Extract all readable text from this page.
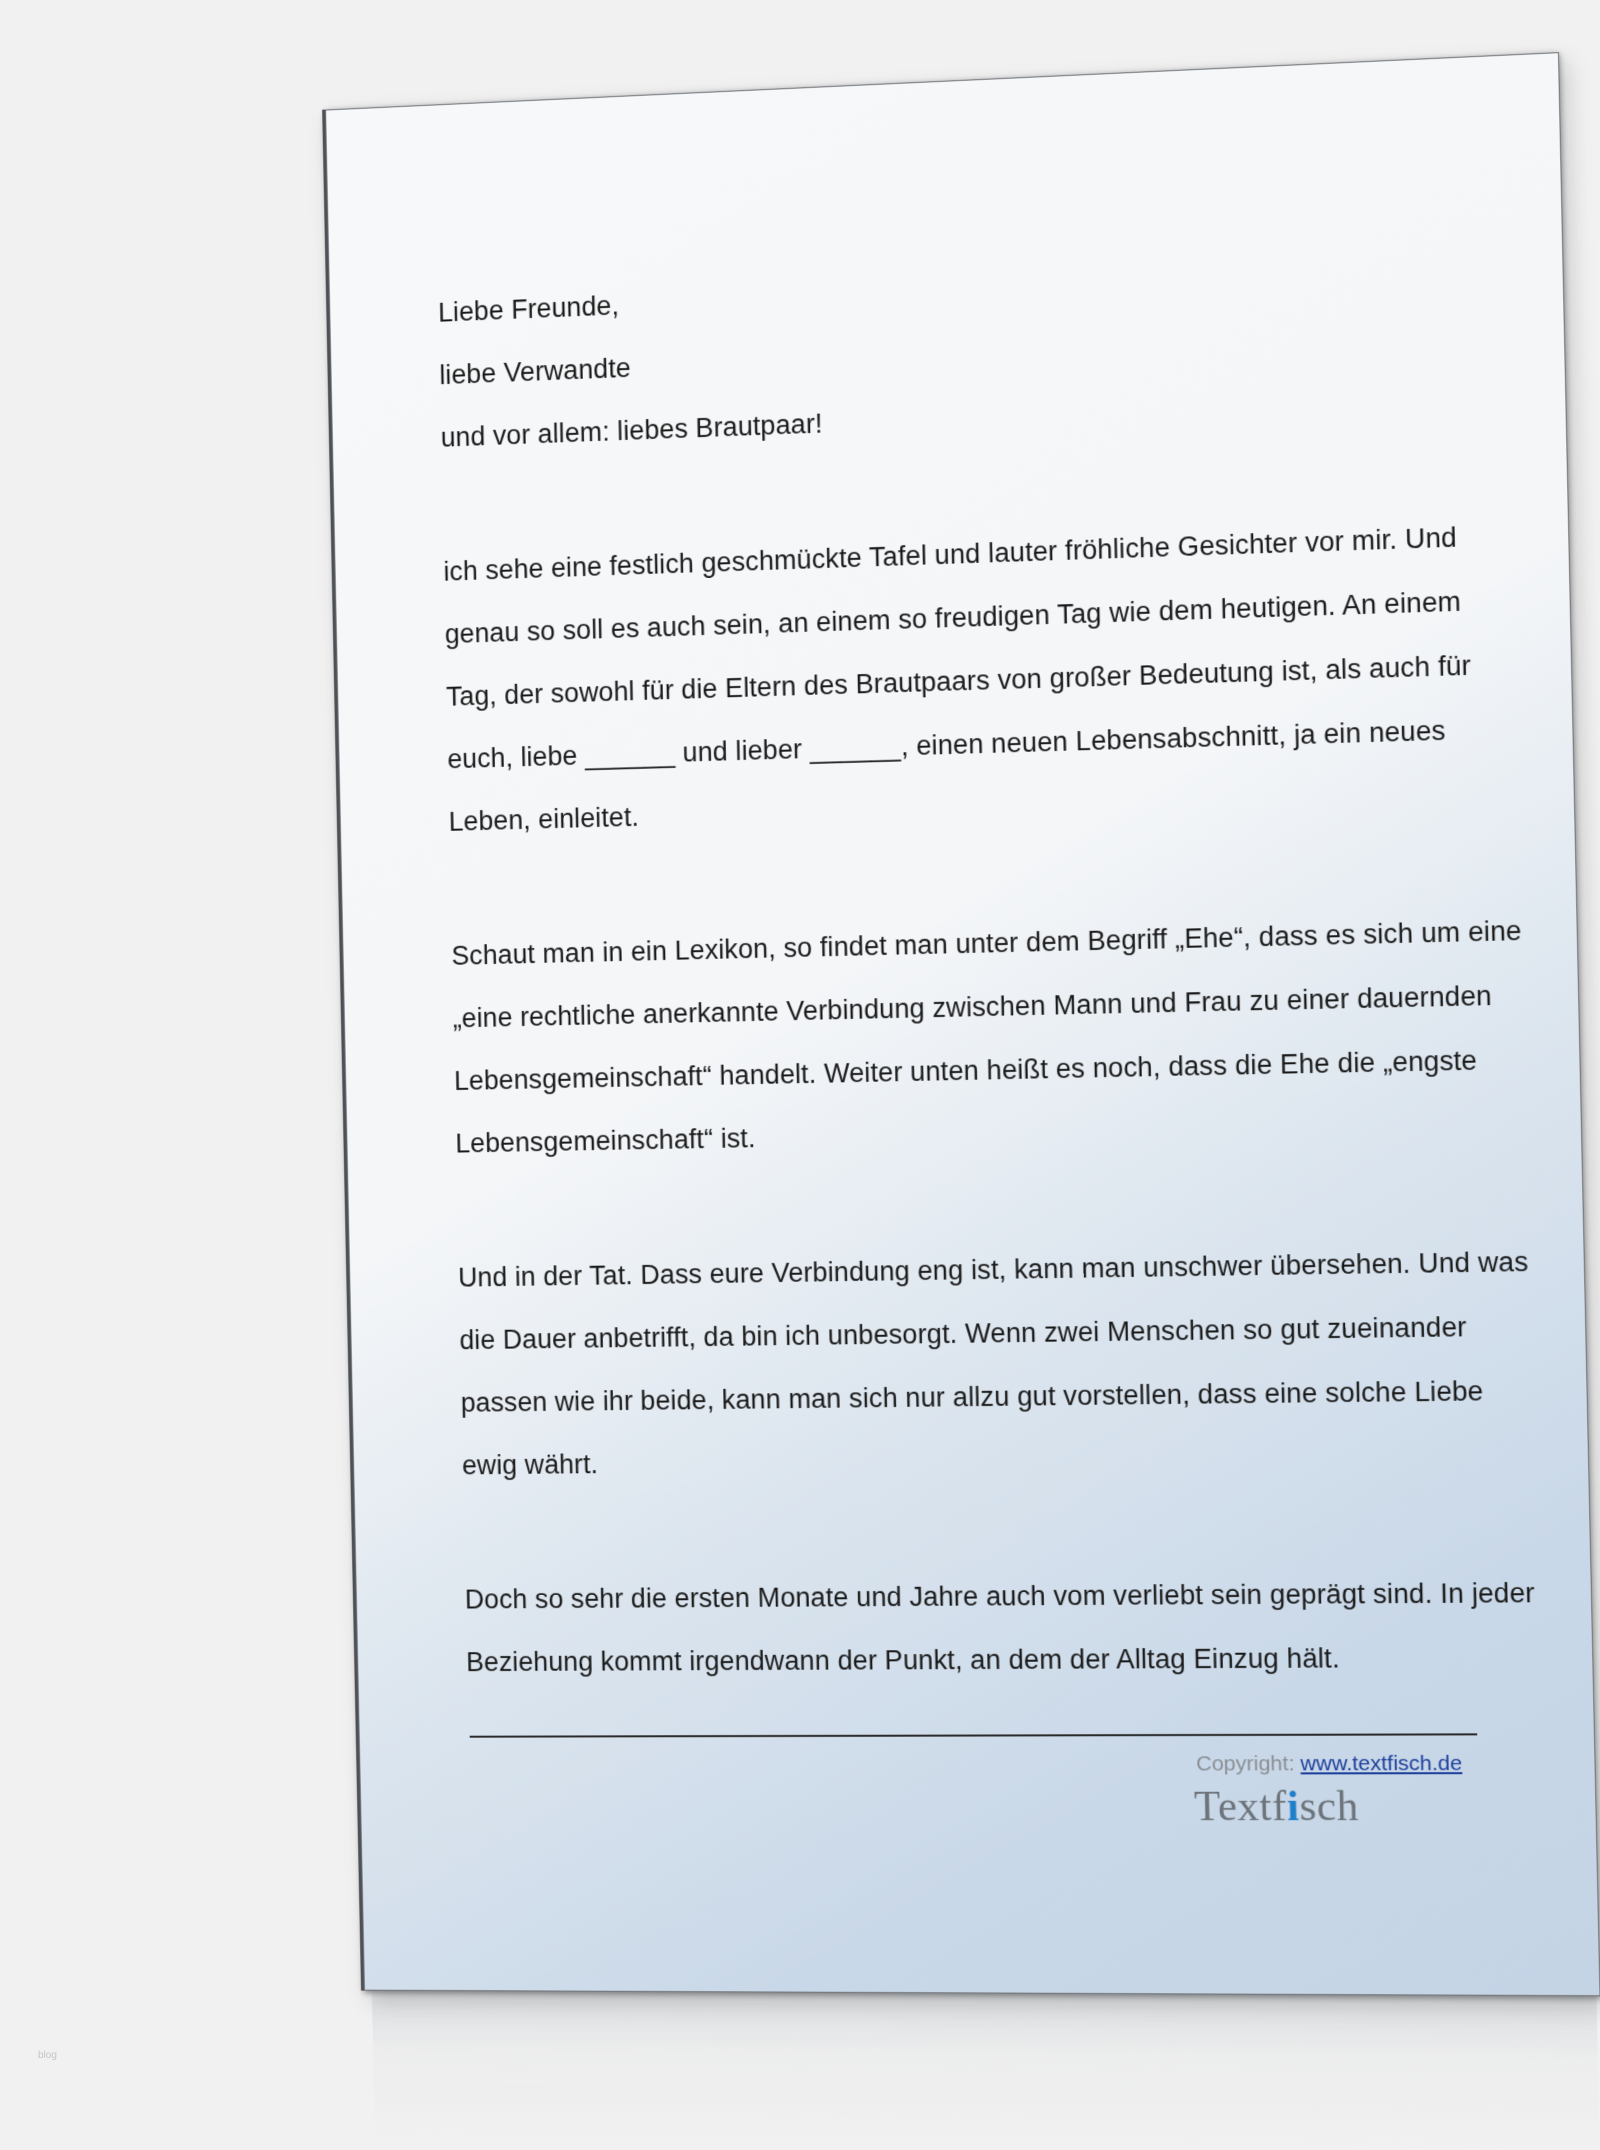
Liebe Freunde,
liebe Verwandte
und vor allem: liebes Brautpaar!
ich sehe eine festlich geschmückte Tafel und lauter fröhliche Gesichter vor mir. Und
genau so soll es auch sein, an einem so freudigen Tag wie dem heutigen. An einem
Tag, der sowohl für die Eltern des Brautpaars von großer Bedeutung ist, als auch für
euch, liebe ______ und lieber ______, einen neuen Lebensabschnitt, ja ein neues
Leben, einleitet.
Schaut man in ein Lexikon, so findet man unter dem Begriff „Ehe“, dass es sich um eine
„eine rechtliche anerkannte Verbindung zwischen Mann und Frau zu einer dauernden
Lebensgemeinschaft“ handelt. Weiter unten heißt es noch, dass die Ehe die „engste
Lebensgemeinschaft“ ist.
Und in der Tat. Dass eure Verbindung eng ist, kann man unschwer übersehen. Und was
die Dauer anbetrifft, da bin ich unbesorgt. Wenn zwei Menschen so gut zueinander
passen wie ihr beide, kann man sich nur allzu gut vorstellen, dass eine solche Liebe
ewig währt.
Doch so sehr die ersten Monate und Jahre auch vom verliebt sein geprägt sind. In jeder
Beziehung kommt irgendwann der Punkt, an dem der Alltag Einzug hält.
Copyright: www.textfisch.de
Textfisch
blog
